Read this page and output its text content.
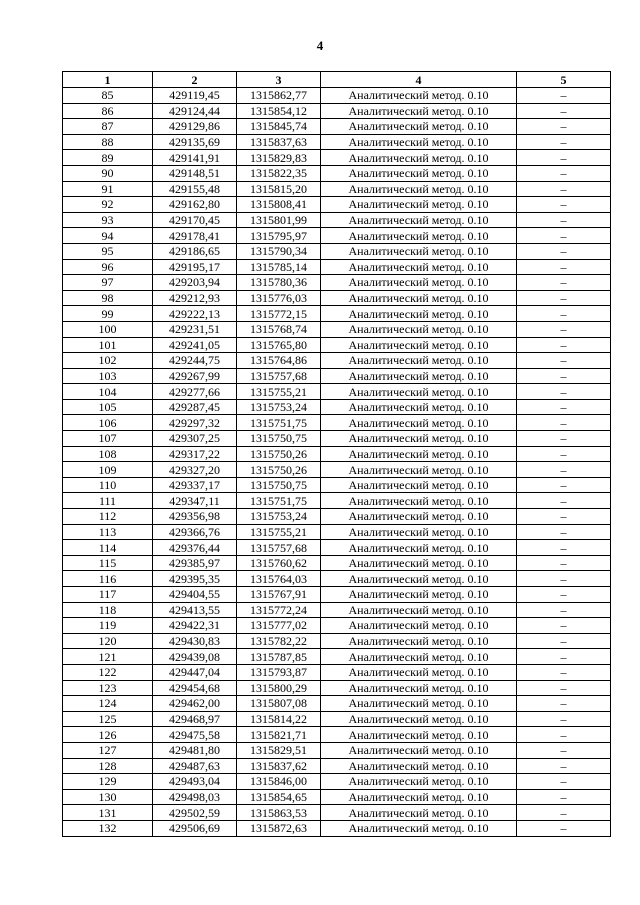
4
1	2	3	4	5
85	429119,45	1315862,77	Аналитический метод. 0.10	–
86	429124,44	1315854,12	Аналитический метод. 0.10	–
87	429129,86	1315845,74	Аналитический метод. 0.10	–
88	429135,69	1315837,63	Аналитический метод. 0.10	–
89	429141,91	1315829,83	Аналитический метод. 0.10	–
90	429148,51	1315822,35	Аналитический метод. 0.10	–
91	429155,48	1315815,20	Аналитический метод. 0.10	–
92	429162,80	1315808,41	Аналитический метод. 0.10	–
93	429170,45	1315801,99	Аналитический метод. 0.10	–
94	429178,41	1315795,97	Аналитический метод. 0.10	–
95	429186,65	1315790,34	Аналитический метод. 0.10	–
96	429195,17	1315785,14	Аналитический метод. 0.10	–
97	429203,94	1315780,36	Аналитический метод. 0.10	–
98	429212,93	1315776,03	Аналитический метод. 0.10	–
99	429222,13	1315772,15	Аналитический метод. 0.10	–
100	429231,51	1315768,74	Аналитический метод. 0.10	–
101	429241,05	1315765,80	Аналитический метод. 0.10	–
102	429244,75	1315764,86	Аналитический метод. 0.10	–
103	429267,99	1315757,68	Аналитический метод. 0.10	–
104	429277,66	1315755,21	Аналитический метод. 0.10	–
105	429287,45	1315753,24	Аналитический метод. 0.10	–
106	429297,32	1315751,75	Аналитический метод. 0.10	–
107	429307,25	1315750,75	Аналитический метод. 0.10	–
108	429317,22	1315750,26	Аналитический метод. 0.10	–
109	429327,20	1315750,26	Аналитический метод. 0.10	–
110	429337,17	1315750,75	Аналитический метод. 0.10	–
111	429347,11	1315751,75	Аналитический метод. 0.10	–
112	429356,98	1315753,24	Аналитический метод. 0.10	–
113	429366,76	1315755,21	Аналитический метод. 0.10	–
114	429376,44	1315757,68	Аналитический метод. 0.10	–
115	429385,97	1315760,62	Аналитический метод. 0.10	–
116	429395,35	1315764,03	Аналитический метод. 0.10	–
117	429404,55	1315767,91	Аналитический метод. 0.10	–
118	429413,55	1315772,24	Аналитический метод. 0.10	–
119	429422,31	1315777,02	Аналитический метод. 0.10	–
120	429430,83	1315782,22	Аналитический метод. 0.10	–
121	429439,08	1315787,85	Аналитический метод. 0.10	–
122	429447,04	1315793,87	Аналитический метод. 0.10	–
123	429454,68	1315800,29	Аналитический метод. 0.10	–
124	429462,00	1315807,08	Аналитический метод. 0.10	–
125	429468,97	1315814,22	Аналитический метод. 0.10	–
126	429475,58	1315821,71	Аналитический метод. 0.10	–
127	429481,80	1315829,51	Аналитический метод. 0.10	–
128	429487,63	1315837,62	Аналитический метод. 0.10	–
129	429493,04	1315846,00	Аналитический метод. 0.10	–
130	429498,03	1315854,65	Аналитический метод. 0.10	–
131	429502,59	1315863,53	Аналитический метод. 0.10	–
132	429506,69	1315872,63	Аналитический метод. 0.10	–
